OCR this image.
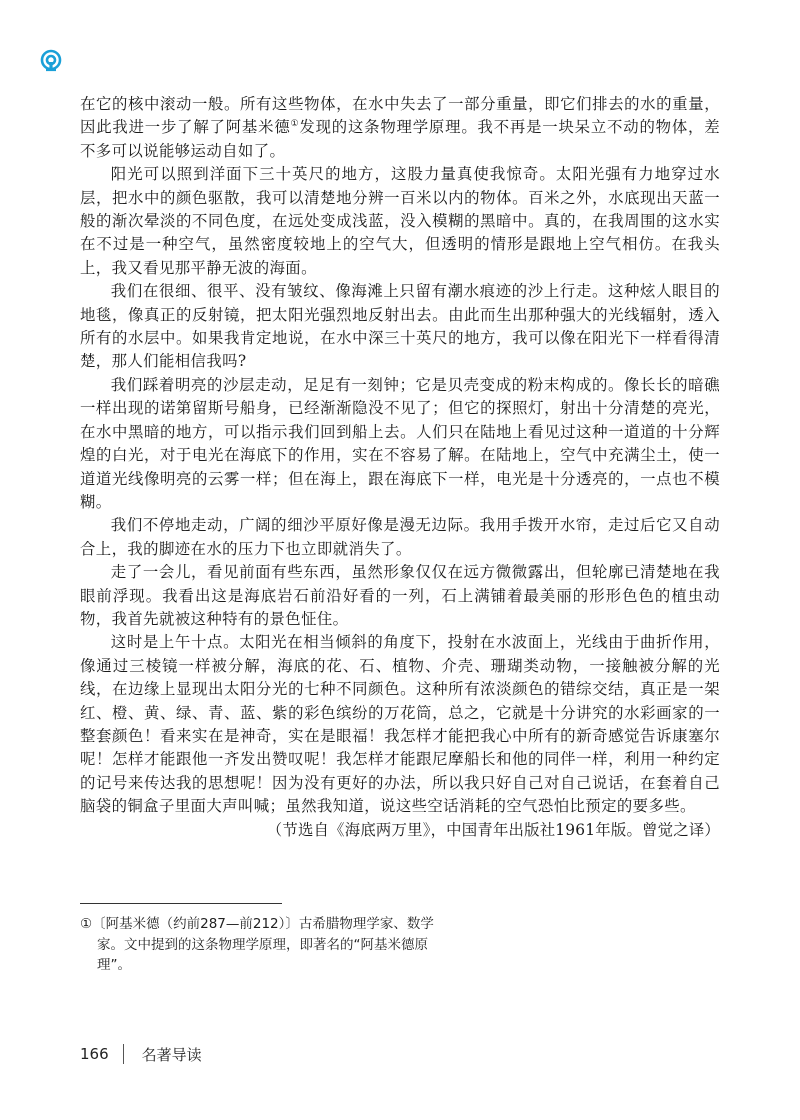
在它的核中滚动一般。所有这些物体，在水中失去了一部分重量，即它们排去的水的重量，因此我进一步了解了阿基米德①发现的这条物理学原理。我不再是一块呆立不动的物体，差不多可以说能够运动自如了。

阳光可以照到洋面下三十英尺的地方，这股力量真使我惊奇。太阳光强有力地穿过水层，把水中的颜色驱散，我可以清楚地分辨一百米以内的物体。百米之外，水底现出天蓝一般的渐次晕淡的不同色度，在远处变成浅蓝，没入模糊的黑暗中。真的，在我周围的这水实在不过是一种空气，虽然密度较地上的空气大，但透明的情形是跟地上空气相仿。在我头上，我又看见那平静无波的海面。

我们在很细、很平、没有皱纹、像海滩上只留有潮水痕迹的沙上行走。这种炫人眼目的地毯，像真正的反射镜，把太阳光强烈地反射出去。由此而生出那种强大的光线辐射，透入所有的水层中。如果我肯定地说，在水中深三十英尺的地方，我可以像在阳光下一样看得清楚，那人们能相信我吗?

我们踩着明亮的沙层走动，足足有一刻钟；它是贝壳变成的粉末构成的。像长长的暗礁一样出现的诺第留斯号船身，已经渐渐隐没不见了；但它的探照灯，射出十分清楚的亮光，在水中黑暗的地方，可以指示我们回到船上去。人们只在陆地上看见过这种一道道的十分辉煌的白光，对于电光在海底下的作用，实在不容易了解。在陆地上，空气中充满尘土，使一道道光线像明亮的云雾一样；但在海上，跟在海底下一样，电光是十分透亮的，一点也不模糊。

我们不停地走动，广阔的细沙平原好像是漫无边际。我用手拨开水帘，走过后它又自动合上，我的脚迹在水的压力下也立即就消失了。

走了一会儿，看见前面有些东西，虽然形象仅仅在远方微微露出，但轮廓已清楚地在我眼前浮现。我看出这是海底岩石前沿好看的一列，石上满铺着最美丽的形形色色的植虫动物，我首先就被这种特有的景色怔住。

这时是上午十点。太阳光在相当倾斜的角度下，投射在水波面上，光线由于曲折作用，像通过三棱镜一样被分解，海底的花、石、植物、介壳、珊瑚类动物，一接触被分解的光线，在边缘上显现出太阳分光的七种不同颜色。这种所有浓淡颜色的错综交结，真正是一架红、橙、黄、绿、青、蓝、紫的彩色缤纷的万花筒，总之，它就是十分讲究的水彩画家的一整套颜色！看来实在是神奇，实在是眼福！我怎样才能把我心中所有的新奇感觉告诉康塞尔呢！怎样才能跟他一齐发出赞叹呢！我怎样才能跟尼摩船长和他的同伴一样，利用一种约定的记号来传达我的思想呢！因为没有更好的办法，所以我只好自己对自己说话，在套着自己脑袋的铜盒子里面大声叫喊；虽然我知道，说这些空话消耗的空气恐怕比预定的要多些。

（节选自《海底两万里》，中国青年出版社1961年版。曾觉之译）

①〔阿基米德（约前287—前212）〕古希腊物理学家、数学家。文中提到的这条物理学原理，即著名的“阿基米德原理”。
166 名著导读
